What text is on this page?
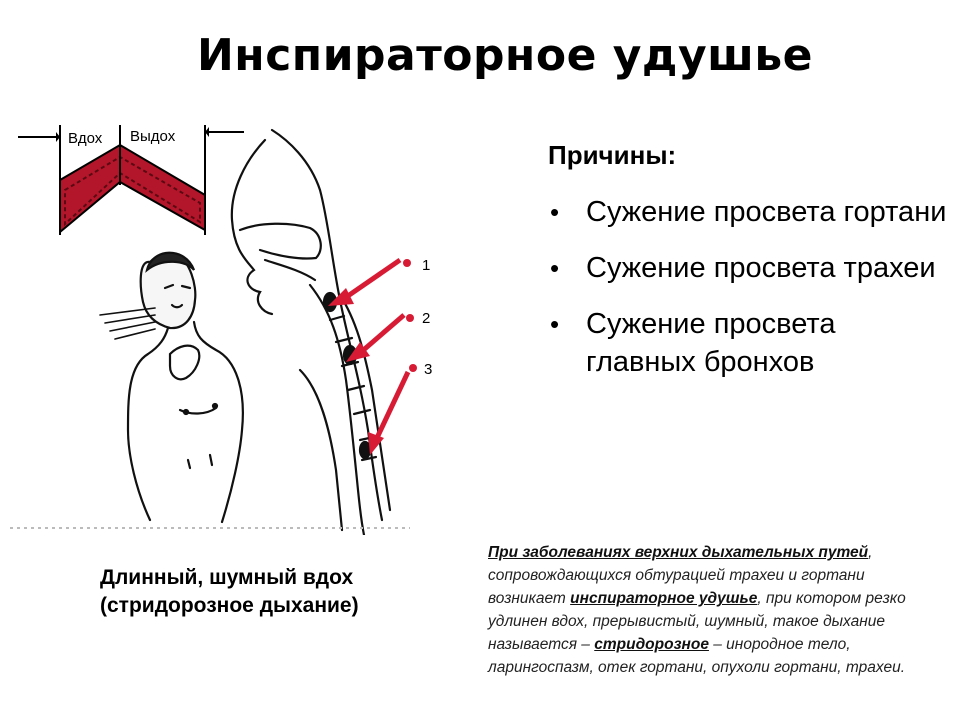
Инспираторное удушье
Вдох Выдох
1
2
3
Причины:
• Сужение просвета гортани
• Сужение просвета трахеи
• Сужение просвета главных бронхов
Длинный, шумный вдох
(стридорозное дыхание)
При заболеваниях верхних дыхательных путей, сопровождающихся обтурацией трахеи и гортани возникает инспираторное удушье, при котором резко удлинен вдох, прерывистый, шумный, такое дыхание называется – стридорозное – инородное тело, ларингоспазм, отек гортани, опухоли гортани, трахеи.
